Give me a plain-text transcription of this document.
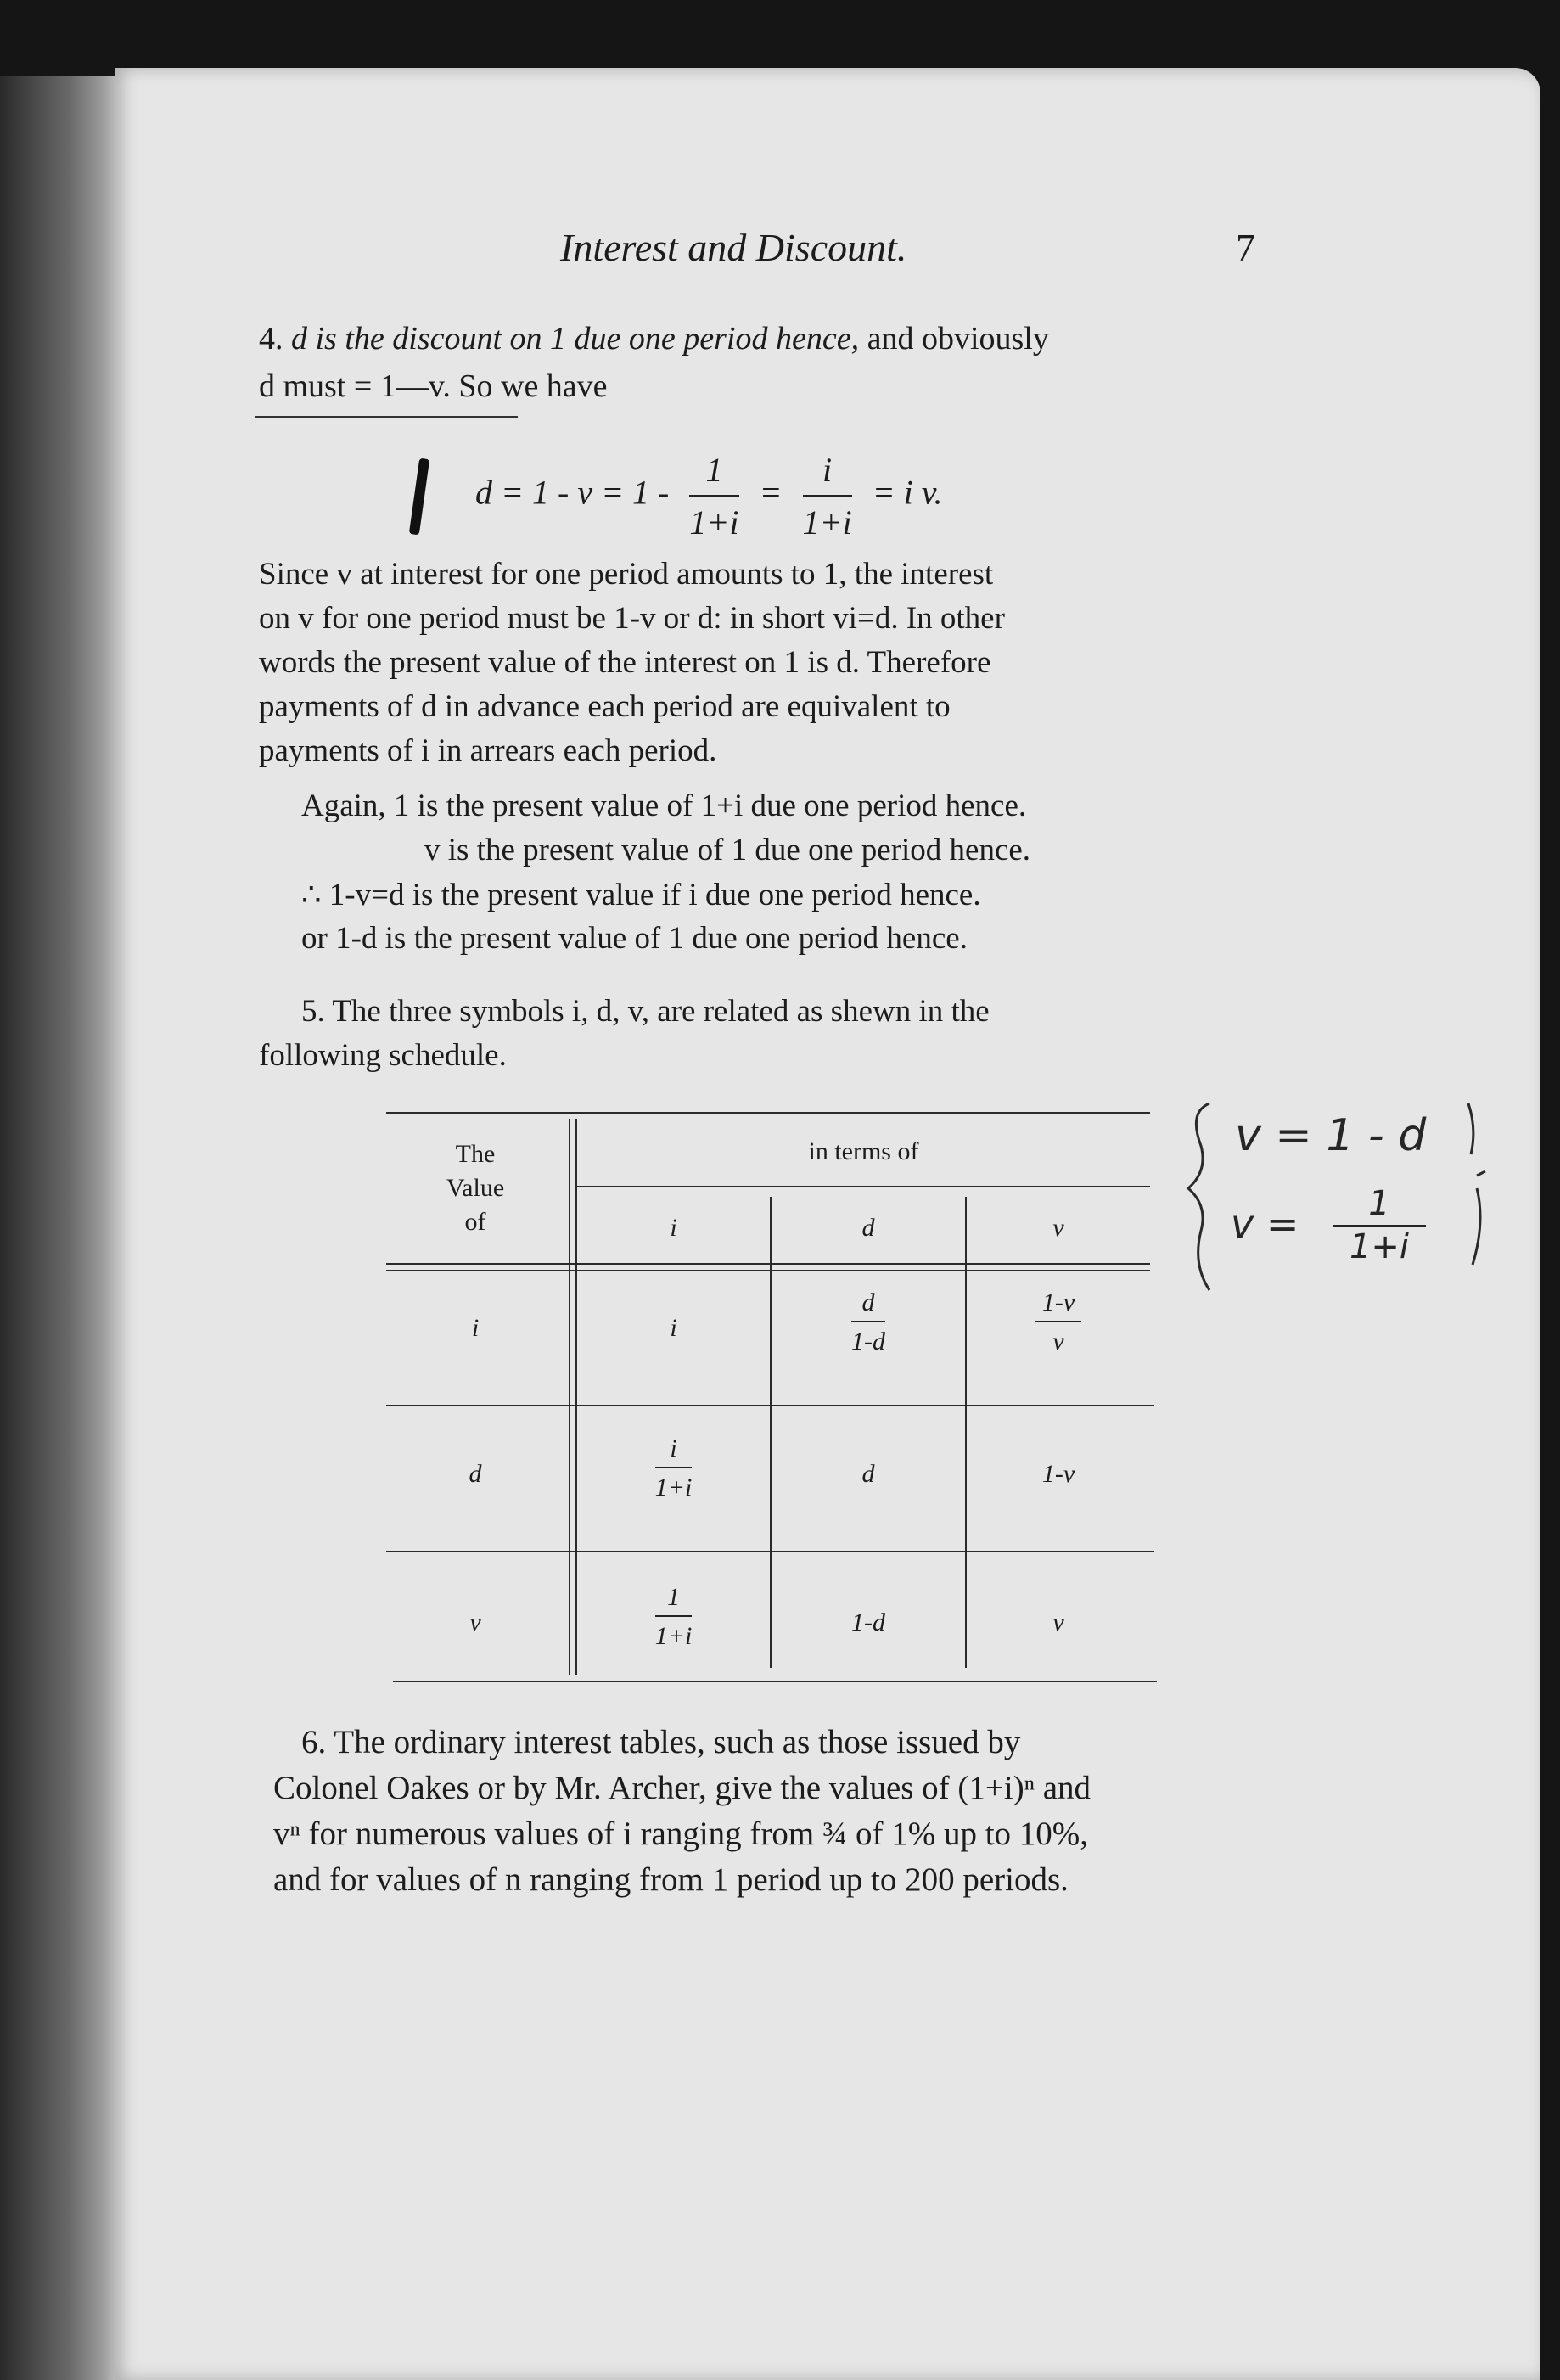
Interest and Discount.	7
4. d is the discount on 1 due one period hence, and obviously
d must = 1—v. So we have
$d = 1 - v = 1 - \frac{1}{1+i} = \frac{i}{1+i} = i$ v.
Since v at interest for one period amounts to 1, the interest
on v for one period must be 1-v or d: in short vi=d. In other
words the present value of the interest on 1 is d. Therefore
payments of d in advance each period are equivalent to
payments of i in arrears each period.
Again, 1 is the present value of 1+i due one period hence.
v is the present value of 1 due one period hence.
∴ 1-v=d is the present value if i due one period hence.
or 1-d is the present value of 1 due one period hence.
5. The three symbols i, d, v, are related as shewn in the
following schedule.
The
Value
of
in terms of
i	d	v
i	i	$\frac{d}{1-d}$	$\frac{1-v}{v}$
d	$\frac{i}{1+i}$	d	1-v
v	$\frac{1}{1+i}$	1-d	v
v = 1 - d
$v = \frac{1}{1+i}$
6. The ordinary interest tables, such as those issued by
Colonel Oakes or by Mr. Archer, give the values of (1+i)ⁿ and
vⁿ for numerous values of i ranging from ¾ of 1% up to 10%,
and for values of n ranging from 1 period up to 200 periods.
